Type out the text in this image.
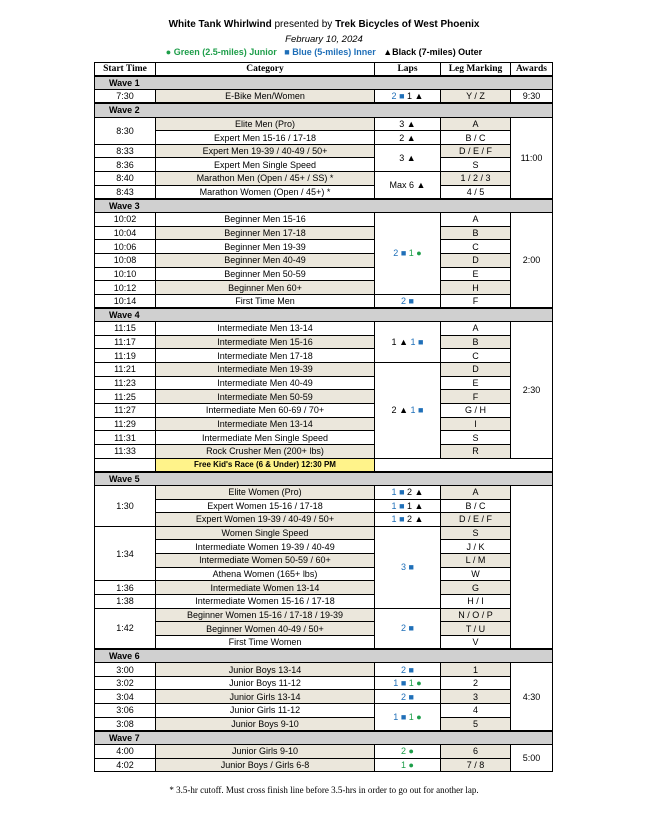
White Tank Whirlwind presented by Trek Bicycles of West Phoenix
February 10, 2024
● Green (2.5-miles) Junior ■ Blue (5-miles) Inner ▲Black (7-miles) Outer
Start Time	Category	Laps	Leg Marking	Awards
Wave 1				
7:30	E-Bike Men/Women	2 ■ 1 ▲	Y / Z	9:30
Wave 2				
8:30	Elite Men (Pro)	3 ▲	A	11:00
	Expert Men 15-16 / 17-18	2 ▲	B / C	
8:33	Expert Men 19-39 / 40-49 / 50+	3 ▲	D / E / F	
8:36	Expert Men Single Speed		S	
8:40	Marathon Men (Open / 45+ / SS) *	Max 6 ▲	1 / 2 / 3	
8:43	Marathon Women (Open / 45+) *		4 / 5	
Wave 3				
10:02	Beginner Men 15-16	2 ■ 1 ●	A	2:00
10:04	Beginner Men 17-18		B	
10:06	Beginner Men 19-39		C	
10:08	Beginner Men 40-49		D	
10:10	Beginner Men 50-59		E	
10:12	Beginner Men 60+		H	
10:14	First Time Men	2 ■	F	
Wave 4				
11:15	Intermediate Men 13-14	1 ▲ 1 ■	A	2:30
11:17	Intermediate Men 15-16		B	
11:19	Intermediate Men 17-18		C	
11:21	Intermediate Men 19-39	2 ▲ 1 ■	D	
11:23	Intermediate Men 40-49		E	
11:25	Intermediate Men 50-59		F	
11:27	Intermediate Men 60-69 / 70+		G / H	
11:29	Intermediate Men 13-14		I	
11:31	Intermediate Men Single Speed		S	
11:33	Rock Crusher Men (200+ lbs)		R	
	Free Kid's Race (6 & Under) 12:30 PM			
Wave 5				
1:30	Elite Women (Pro)	1 ■ 2 ▲	A	
	Expert Women 15-16 / 17-18	1 ■ 1 ▲	B / C	
	Expert Women 19-39 / 40-49 / 50+	1 ■ 2 ▲	D / E / F	
1:34	Women Single Speed	3 ■	S	
	Intermediate Women 19-39 / 40-49		J / K	
	Intermediate Women 50-59 / 60+		L / M	
	Athena Women (165+ lbs)		W	
1:36	Intermediate Women 13-14		G	
1:38	Intermediate Women 15-16 / 17-18		H / I	
1:42	Beginner Women 15-16 / 17-18 / 19-39	2 ■	N / O / P	
	Beginner Women 40-49 / 50+		T / U	
	First Time Women		V	
Wave 6				
3:00	Junior Boys 13-14	2 ■	1	4:30
3:02	Junior Boys 11-12	1 ■ 1 ●	2	
3:04	Junior Girls 13-14	2 ■	3	
3:06	Junior Girls 11-12	1 ■ 1 ●	4	
3:08	Junior Boys 9-10		5	
Wave 7				
4:00	Junior Girls 9-10	2 ●	6	5:00
4:02	Junior Boys / Girls 6-8	1 ●	7 / 8	
* 3.5-hr cutoff. Must cross finish line before 3.5-hrs in order to go out for another lap.
